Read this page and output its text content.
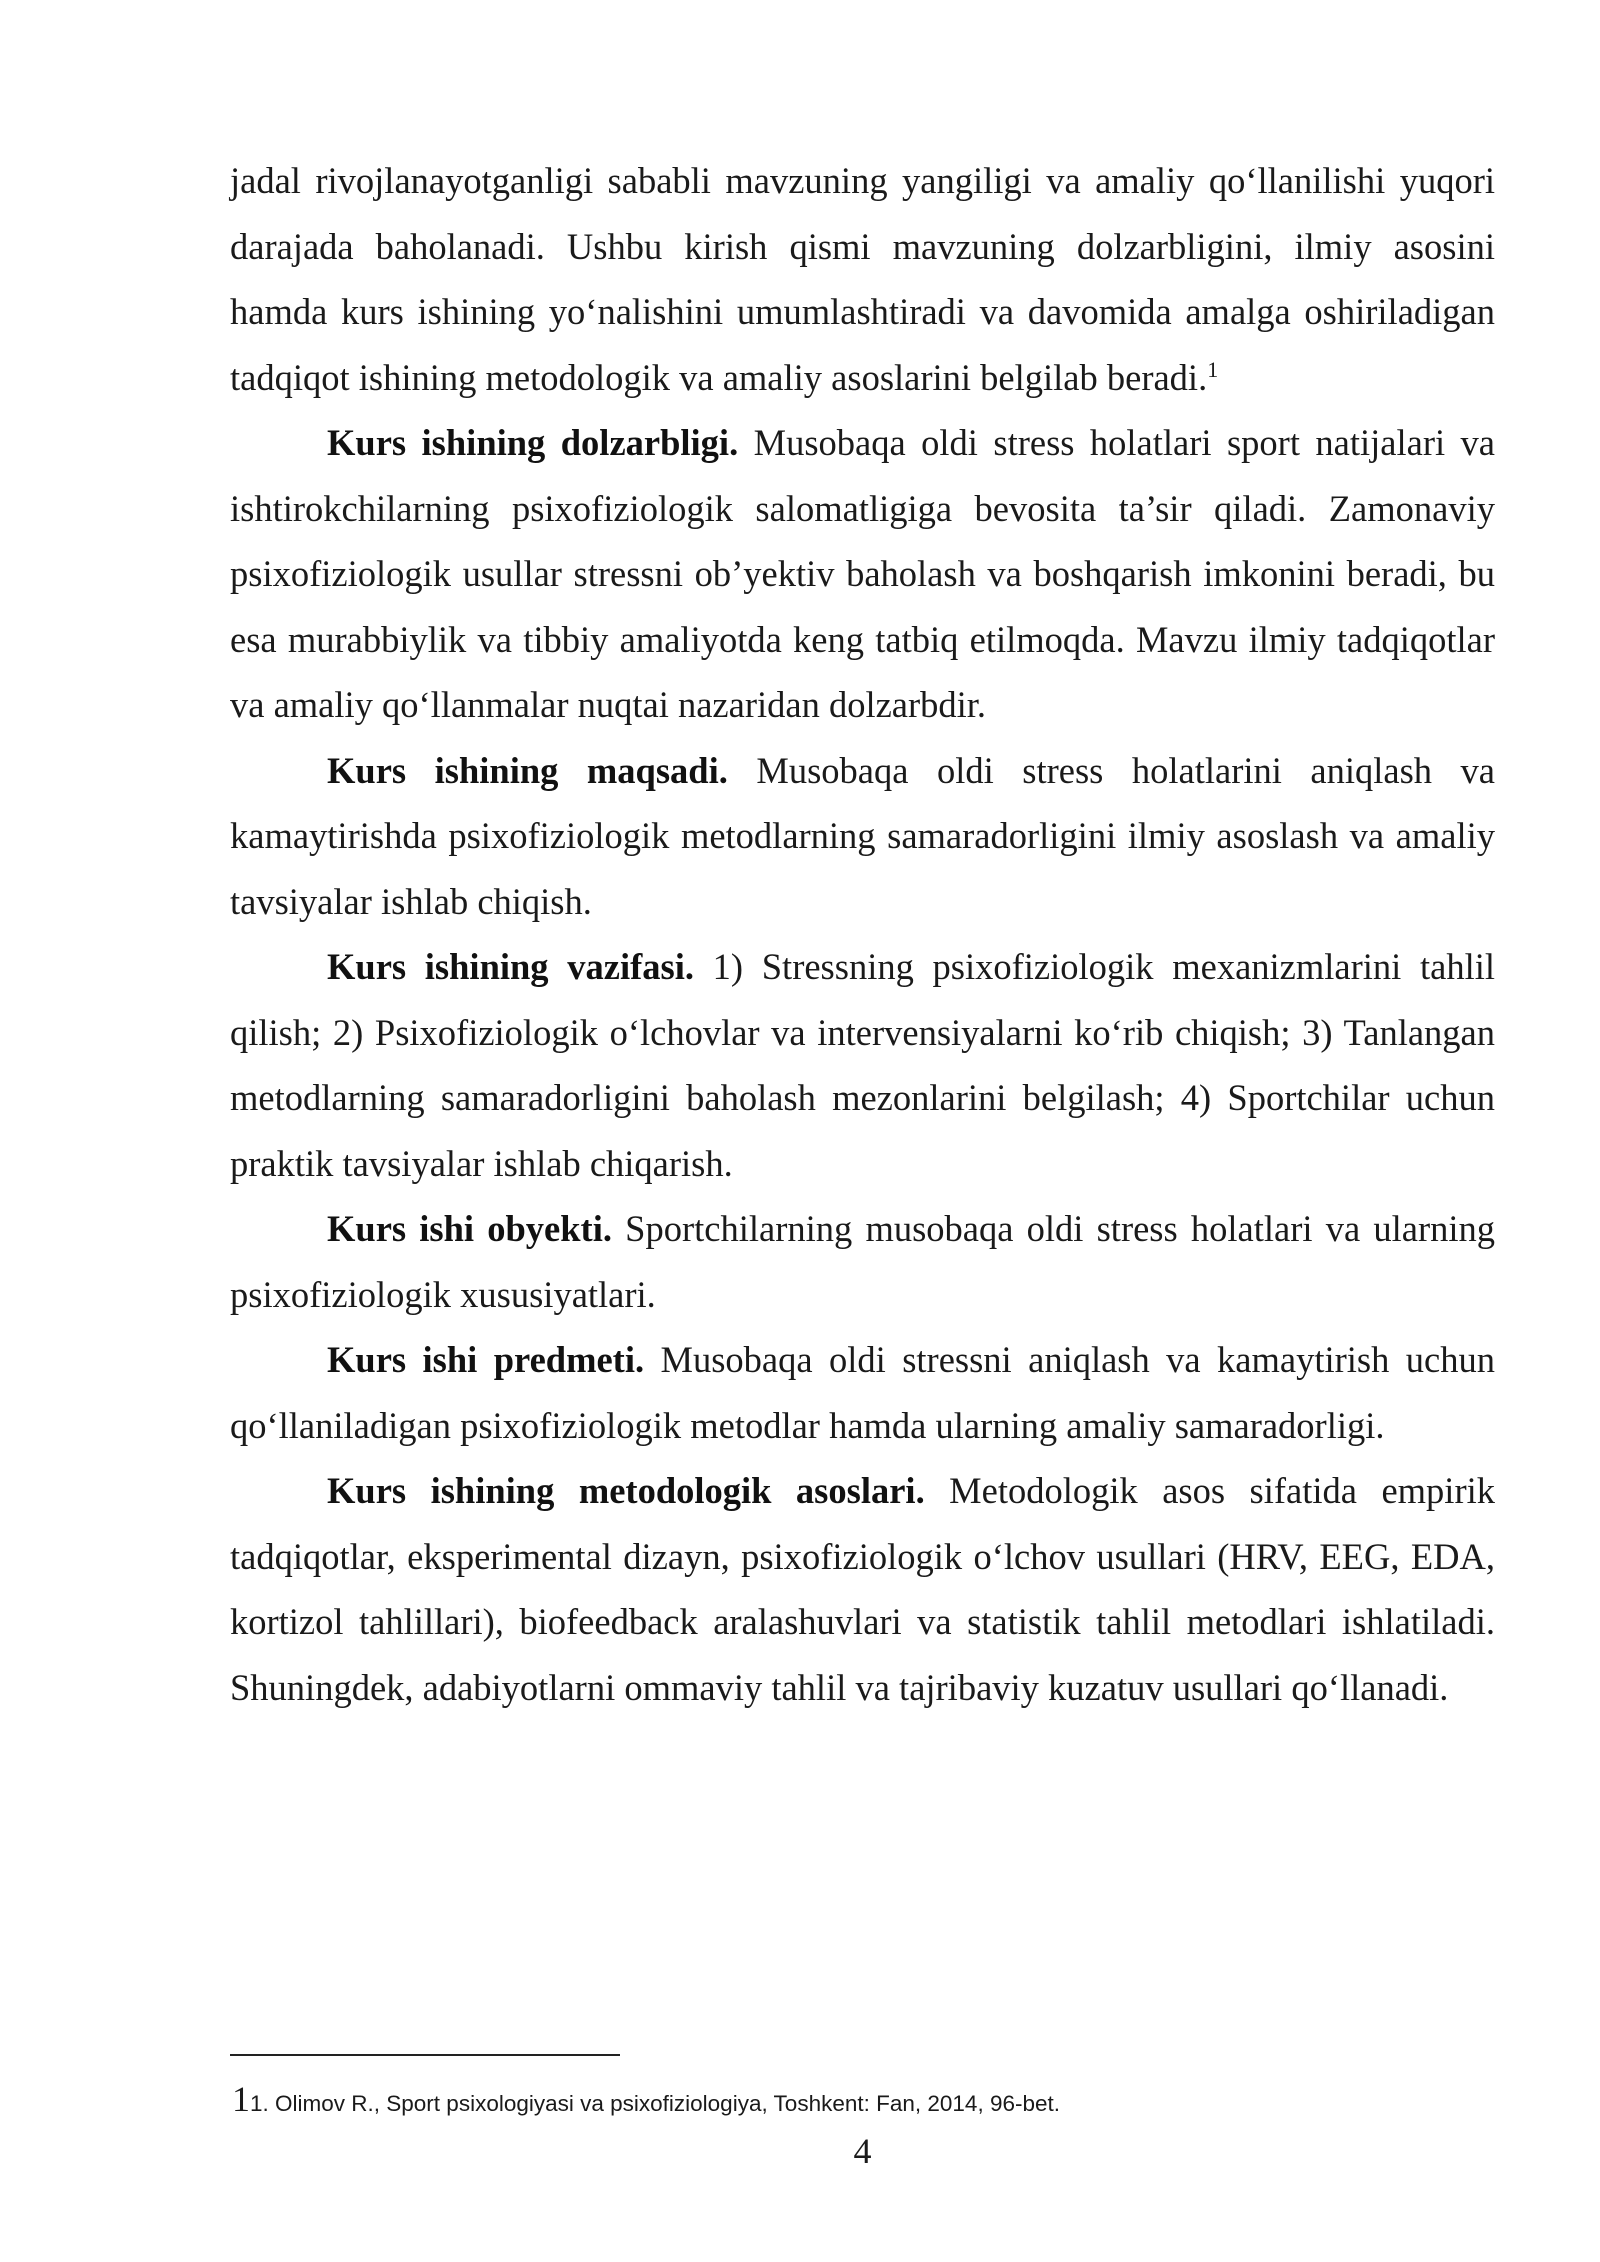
jadal rivojlanayotganligi sababli mavzuning yangiligi va amaliy qo‘llanilishi yuqori darajada baholanadi. Ushbu kirish qismi mavzuning dolzarbligini, ilmiy asosini hamda kurs ishining yo‘nalishini umumlashtiradi va davomida amalga oshiriladigan tadqiqot ishining metodologik va amaliy asoslarini belgilab beradi.$^1$

Kurs ishining dolzarbligi. Musobaqa oldi stress holatlari sport natijalari va ishtirokchilarning psixofiziologik salomatligiga bevosita ta’sir qiladi. Zamonaviy psixofiziologik usullar stressni ob’yektiv baholash va boshqarish imkonini beradi, bu esa murabbiylik va tibbiy amaliyotda keng tatbiq etilmoqda. Mavzu ilmiy tadqiqotlar va amaliy qo‘llanmalar nuqtai nazaridan dolzarbdir.

Kurs ishining maqsadi. Musobaqa oldi stress holatlarini aniqlash va kamaytirishda psixofiziologik metodlarning samaradorligini ilmiy asoslash va amaliy tavsiyalar ishlab chiqish.

Kurs ishining vazifasi. 1) Stressning psixofiziologik mexanizmlarini tahlil qilish; 2) Psixofiziologik o‘lchovlar va intervensiyalarni ko‘rib chiqish; 3) Tanlangan metodlarning samaradorligini baholash mezonlarini belgilash; 4) Sportchilar uchun praktik tavsiyalar ishlab chiqarish.

Kurs ishi obyekti. Sportchilarning musobaqa oldi stress holatlari va ularning psixofiziologik xususiyatlari.

Kurs ishi predmeti. Musobaqa oldi stressni aniqlash va kamaytirish uchun qo‘llaniladigan psixofiziologik metodlar hamda ularning amaliy samaradorligi.

Kurs ishining metodologik asoslari. Metodologik asos sifatida empirik tadqiqotlar, eksperimental dizayn, psixofiziologik o‘lchov usullari (HRV, EEG, EDA, kortizol tahlillari), biofeedback aralashuvlari va statistik tahlil metodlari ishlatiladi. Shuningdek, adabiyotlarni ommaviy tahlil va tajribaviy kuzatuv usullari qo‘llanadi.

11. Olimov R., Sport psixologiyasi va psixofiziologiya, Toshkent: Fan, 2014, 96-bet.
4
